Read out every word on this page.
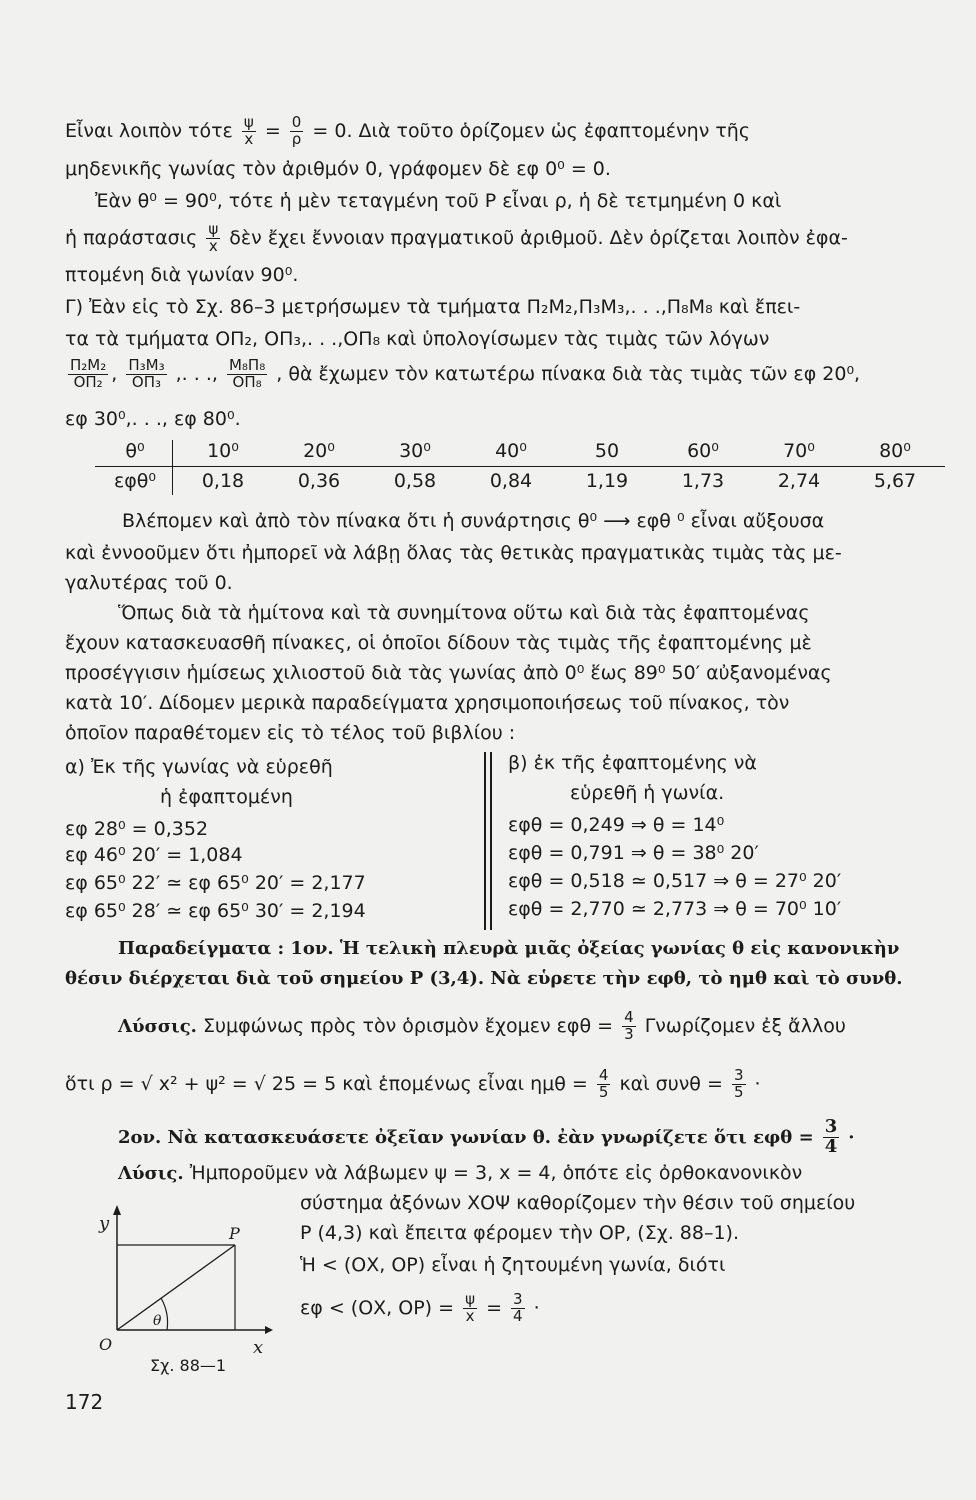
Εἶναι λοιπὸν τότε $\frac{\psi}{x} = \frac{0}{\rho} = 0$. Διὰ τοῦτο ὁρίζομεν ὡς ἐφαπτομένην τῆς
μηδενικῆς γωνίας τὸν ἀριθμόν 0, γράφομεν δὲ εφ 0⁰ = 0.
Ἐὰν θ⁰ = 90⁰, τότε ἡ μὲν τεταγμένη τοῦ P εἶναι ρ, ἡ δὲ τετμημένη 0 καὶ
ἡ παράστασις $\frac{\psi}{x}$ δὲν ἔχει ἔννοιαν πραγματικοῦ ἀριθμοῦ. Δὲν ὁρίζεται λοιπὸν ἐφα-
πτομένη διὰ γωνίαν 90⁰.
Γ) Ἐὰν εἰς τὸ Σχ. 86–3 μετρήσωμεν τὰ τμήματα Π₂Μ₂,Π₃Μ₃,. . .,Π₈Μ₈ καὶ ἔπει-
τα τὰ τμήματα ΟΠ₂, ΟΠ₃,. . .,ΟΠ₈ καὶ ὑπολογίσωμεν τὰς τιμὰς τῶν λόγων
$\frac{\text{Π₂Μ₂}}{\text{ΟΠ₂}}$ , $\frac{\text{Π₃Μ₃}}{\text{ΟΠ₃}}$ ,. . ., $\frac{\text{Μ₈Π₈}}{\text{ΟΠ₈}}$ , θὰ ἔχωμεν τὸν κατωτέρω πίνακα διὰ τὰς τιμὰς τῶν εφ 20⁰,
εφ 30⁰,. . ., εφ 80⁰.
θ⁰	10⁰	20⁰	30⁰	40⁰	50	60⁰	70⁰	80⁰
εφθ⁰	0,18	0,36	0,58	0,84	1,19	1,73	2,74	5,67
Βλέπομεν καὶ ἀπὸ τὸν πίνακα ὅτι ἡ συνάρτησις θ⁰ ⟶ εφθ ⁰ εἶναι αὔξουσα
καὶ ἐννοοῦμεν ὅτι ἠμπορεῖ νὰ λάβῃ ὅλας τὰς θετικὰς πραγματικὰς τιμὰς τὰς με-
γαλυτέρας τοῦ 0.
Ὅπως διὰ τὰ ἡμίτονα καὶ τὰ συνημίτονα οὕτω καὶ διὰ τὰς ἐφαπτομένας
ἔχουν κατασκευασθῆ πίνακες, οἱ ὁποῖοι δίδουν τὰς τιμὰς τῆς ἐφαπτομένης μὲ
προσέγγισιν ἡμίσεως χιλιοστοῦ διὰ τὰς γωνίας ἀπὸ 0⁰ ἕως 89⁰ 50′ αὐξανομένας
κατὰ 10′. Δίδομεν μερικὰ παραδείγματα χρησιμοποιήσεως τοῦ πίνακος, τὸν
ὁποῖον παραθέτομεν εἰς τὸ τέλος τοῦ βιβλίου :
α) Ἐκ τῆς γωνίας νὰ εὑρεθῆ
ἡ ἐφαπτομένη
εφ 28⁰ = 0,352
εφ 46⁰ 20′ = 1,084
εφ 65⁰ 22′ ≃ εφ 65⁰ 20′ = 2,177
εφ 65⁰ 28′ ≃ εφ 65⁰ 30′ = 2,194
β) ἐκ τῆς ἐφαπτομένης νὰ
εὑρεθῆ ἡ γωνία.
εφθ = 0,249 ⇒ θ = 14⁰
εφθ = 0,791 ⇒ θ = 38⁰ 20′
εφθ = 0,518 ≃ 0,517 ⇒ θ = 27⁰ 20′
εφθ = 2,770 ≃ 2,773 ⇒ θ = 70⁰ 10′
Παραδείγματα : 1ον. Ἡ τελικὴ πλευρὰ μιᾶς ὀξείας γωνίας θ εἰς κανονικὴν
θέσιν διέρχεται διὰ τοῦ σημείου P (3,4). Νὰ εὑρετε τὴν εφθ, τὸ ημθ καὶ τὸ συνθ.
Λύσσις. Συμφώνως πρὸς τὸν ὁρισμὸν ἔχομεν $\varepsilon\varphi\theta = \frac{4}{3}$ Γνωρίζομεν ἐξ ἄλλου
ὅτι ρ = √ x² + ψ² = √ 25 = 5 καὶ ἑπομένως εἶναι $\eta\mu\theta = \frac{4}{5}$ καὶ $\sigma\upsilon\nu\theta = \frac{3}{5}$ ·
2ον. Νὰ κατασκευάσετε ὀξεῖαν γωνίαν θ. ἐὰν γνωρίζετε ὅτι $\varepsilon\varphi\theta = \frac{3}{4}$ ·
Λύσις. Ἠμποροῦμεν νὰ λάβωμεν ψ = 3, x = 4, ὁπότε εἰς ὀρθοκανονικὸν
σύστημα ἀξόνων ΧΟΨ καθορίζομεν τὴν θέσιν τοῦ σημείου
P (4,3) καὶ ἔπειτα φέρομεν τὴν ΟΡ, (Σχ. 88–1).
Ἡ < (ΟΧ, ΟΡ) εἶναι ἡ ζητουμένη γωνία, διότι
εφ < (ΟΧ, $OP) = \frac{\psi}{x} = \frac{3}{4}$ ·
y
x
O
P
θ
Σχ. 88—1
172
